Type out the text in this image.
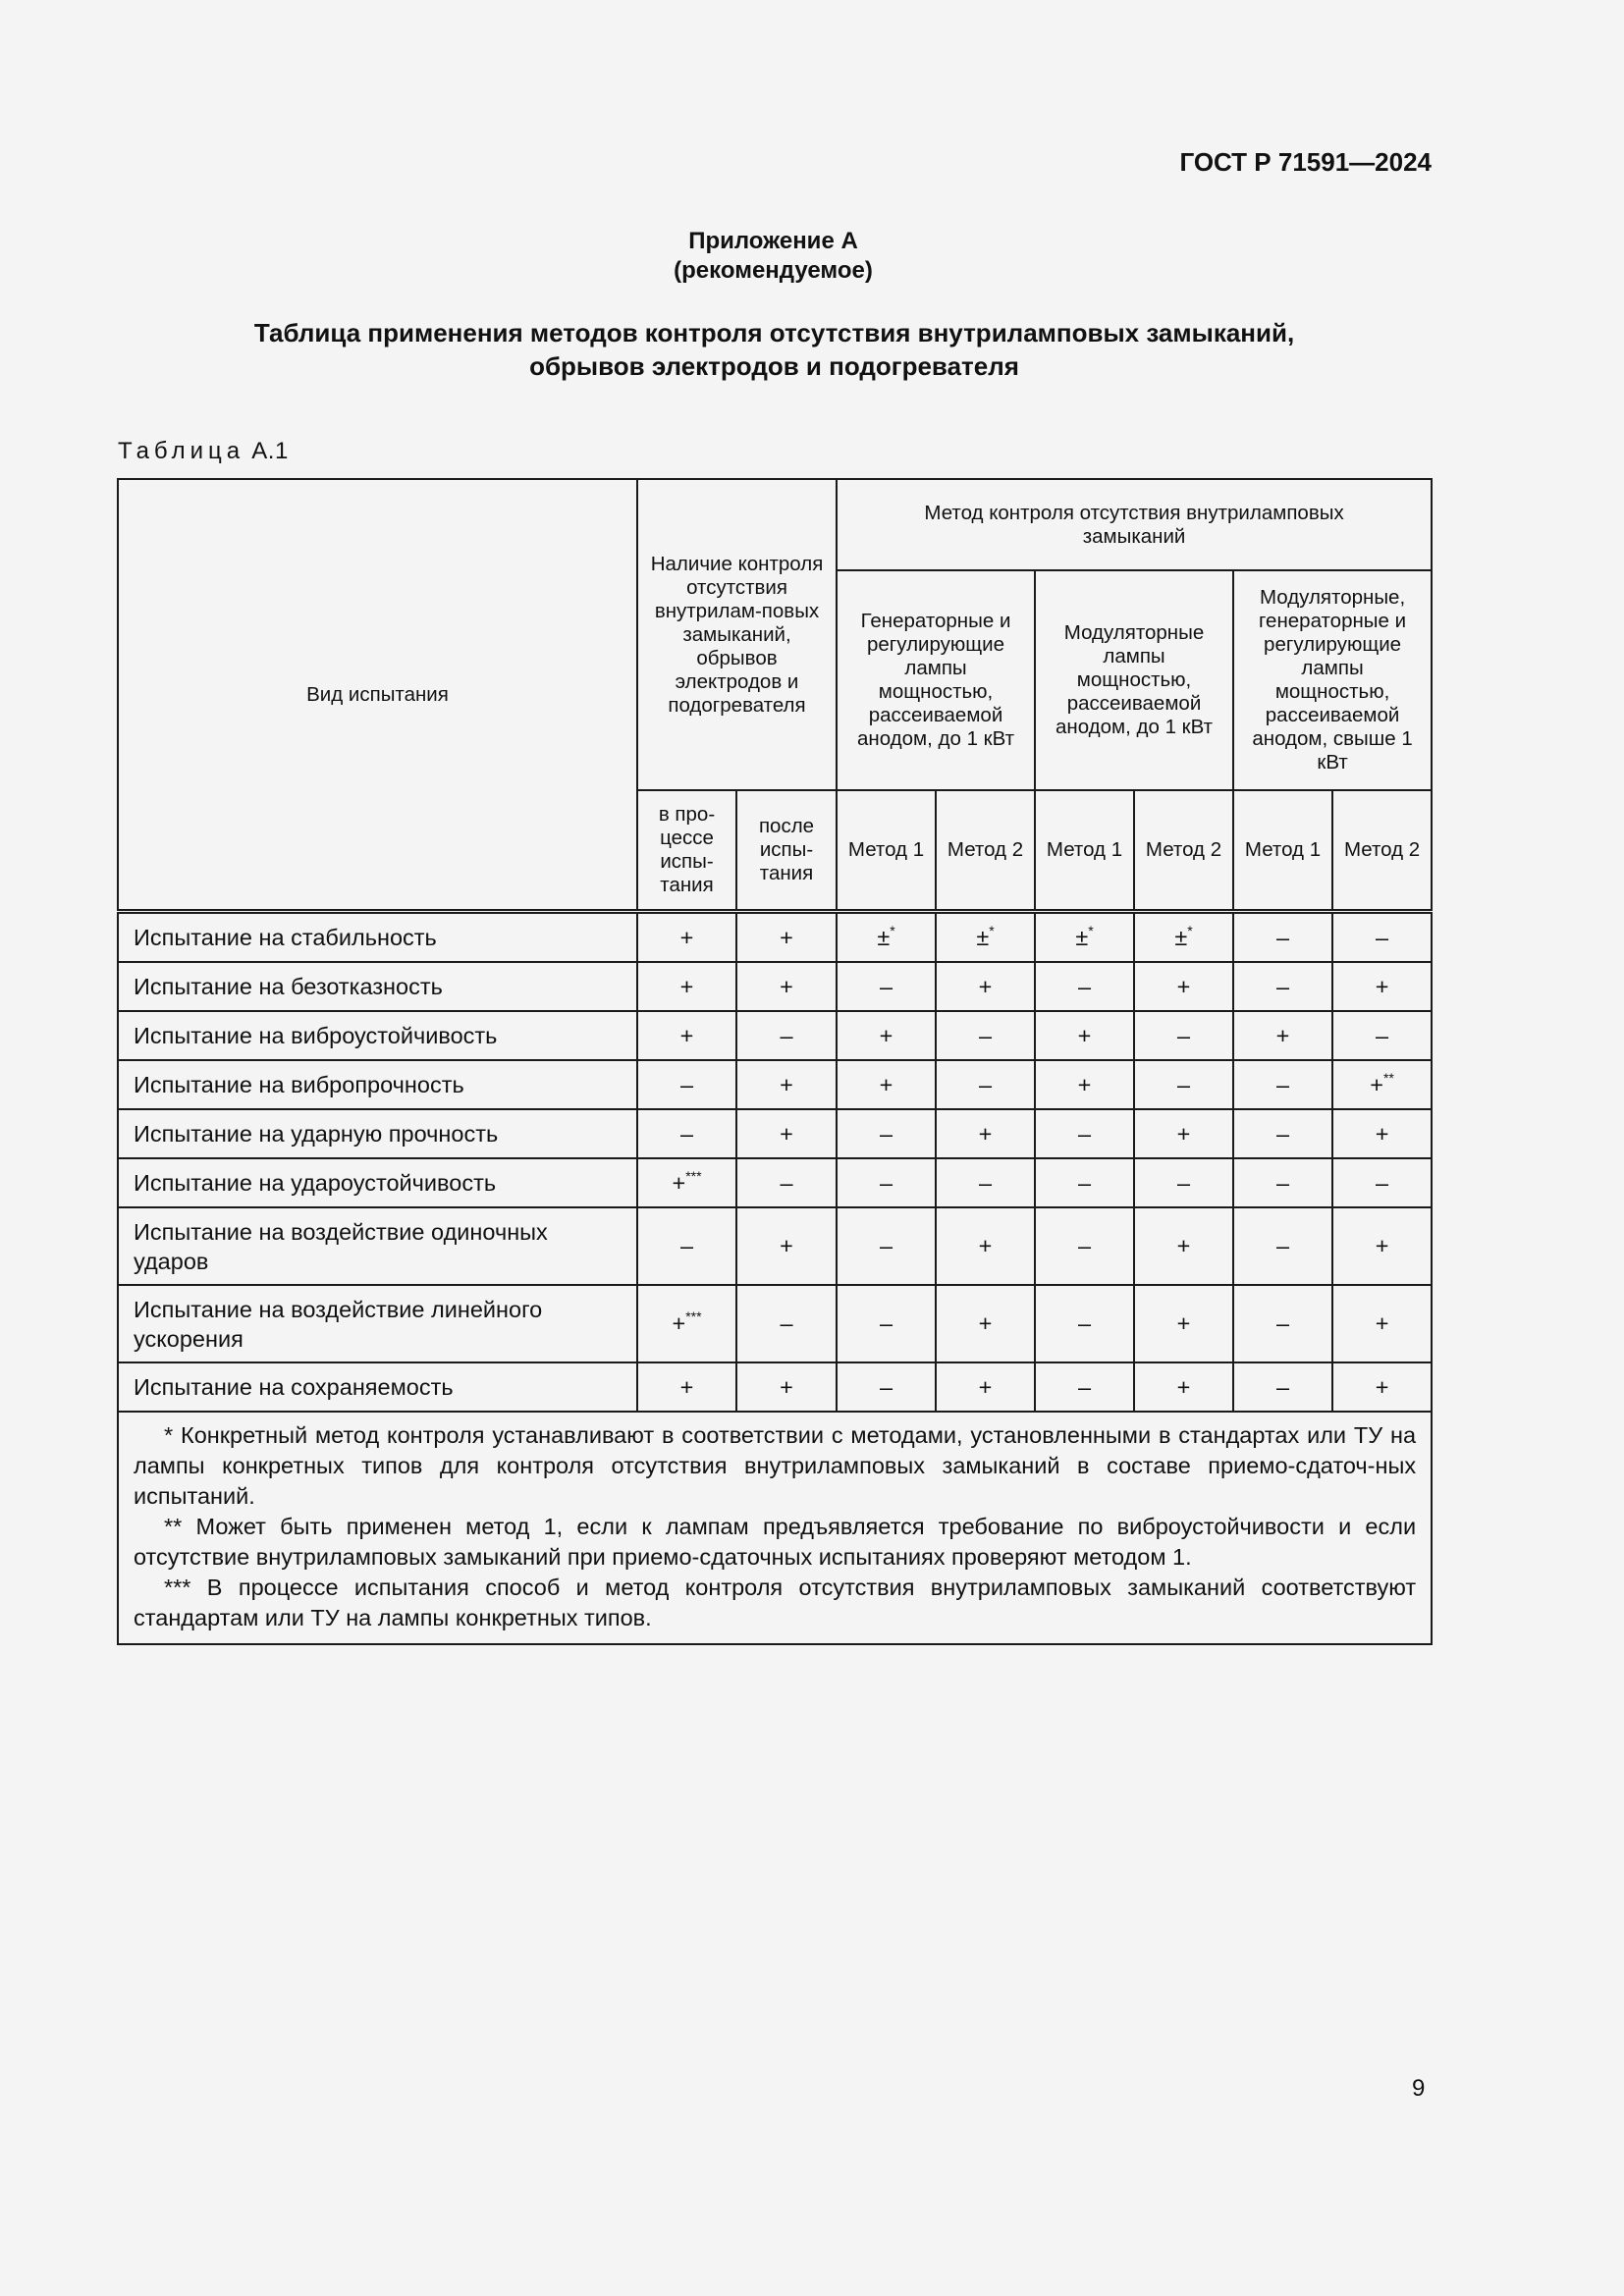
ГОСТ Р 71591—2024
Приложение А
(рекомендуемое)
Таблица применения методов контроля отсутствия внутриламповых замыканий,
обрывов электродов и подогревателя
Таблица А.1
Вид испытания	Наличие контроля отсутствия внутрилам-повых замыканий, обрывов электродов и подогревателя		Метод контроля отсутствия внутриламповых замыканий					
			Генераторные и регулирующие лампы мощностью, рассеиваемой анодом, до 1 кВт		Модуляторные лампы мощностью, рассеиваемой анодом, до 1 кВт		Модуляторные, генераторные и регулирующие лампы мощностью, рассеиваемой анодом, свыше 1 кВт	
	в про-цессе испы-тания	после испы-тания	Метод 1	Метод 2	Метод 1	Метод 2	Метод 1	Метод 2
Испытание на стабильность	+	+	±*	±*	±*	±*	–	–
Испытание на безотказность	+	+	–	+	–	+	–	+
Испытание на виброустойчивость	+	–	+	–	+	–	+	–
Испытание на вибропрочность	–	+	+	–	+	–	–	+**
Испытание на ударную прочность	–	+	–	+	–	+	–	+
Испытание на удароустойчивость	+***	–	–	–	–	–	–	–
Испытание на воздействие одиночных ударов	–	+	–	+	–	+	–	+
Испытание на воздействие линейного ускорения	+***	–	–	+	–	+	–	+
Испытание на сохраняемость	+	+	–	+	–	+	–	+

* Конкретный метод контроля устанавливают в соответствии с методами, установленными в стандартах или ТУ на лампы конкретных типов для контроля отсутствия внутриламповых замыканий в составе приемо-сдаточ-ных испытаний.

** Может быть применен метод 1, если к лампам предъявляется требование по виброустойчивости и если отсутствие внутриламповых замыканий при приемо-сдаточных испытаниях проверяют методом 1.

*** В процессе испытания способ и метод контроля отсутствия внутриламповых замыканий соответствуют стандартам или ТУ на лампы конкретных типов.								

9
